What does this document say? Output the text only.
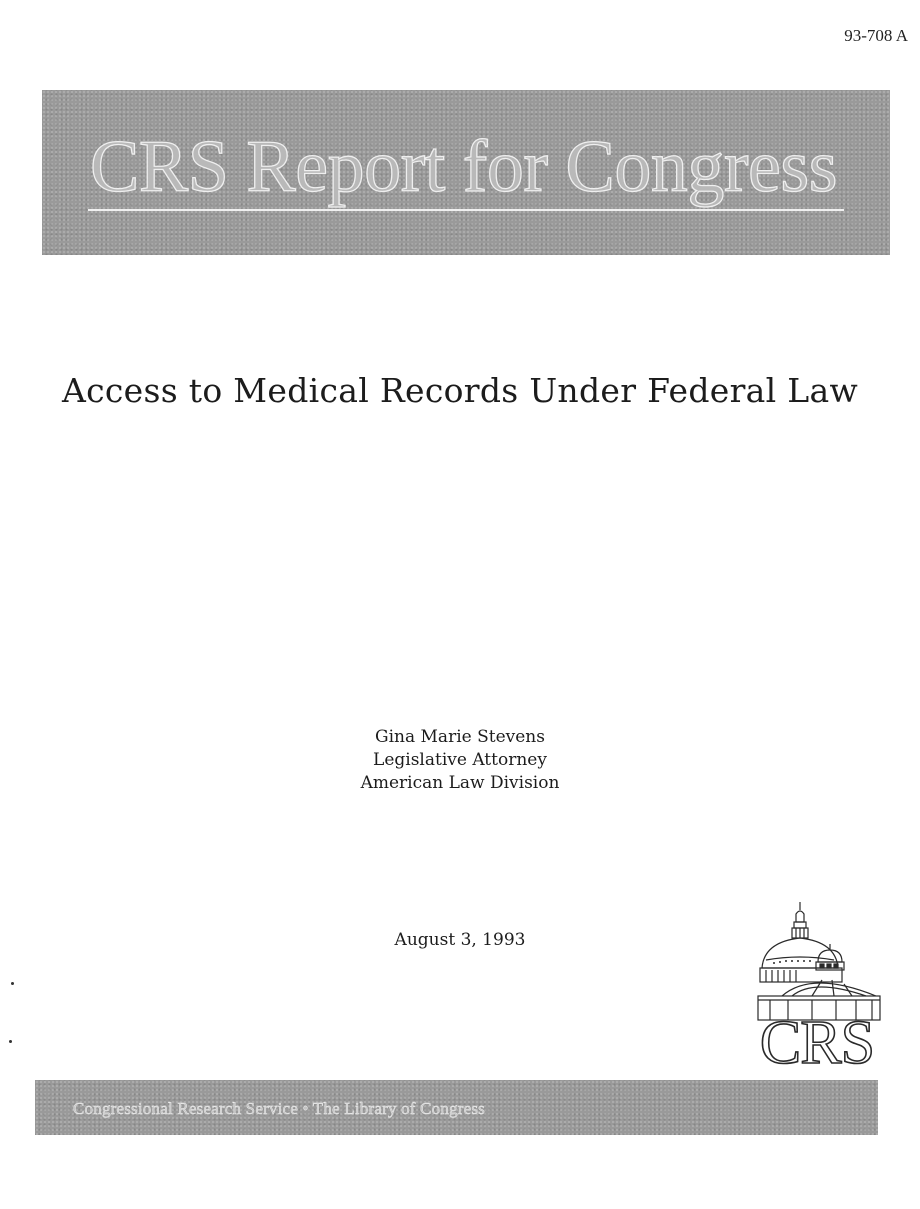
93-708 A
CRS Report for Congress
Access to Medical Records Under Federal Law
Gina Marie Stevens
Legislative Attorney
American Law Division
August 3, 1993
CRS
Congressional Research Service • The Library of Congress
